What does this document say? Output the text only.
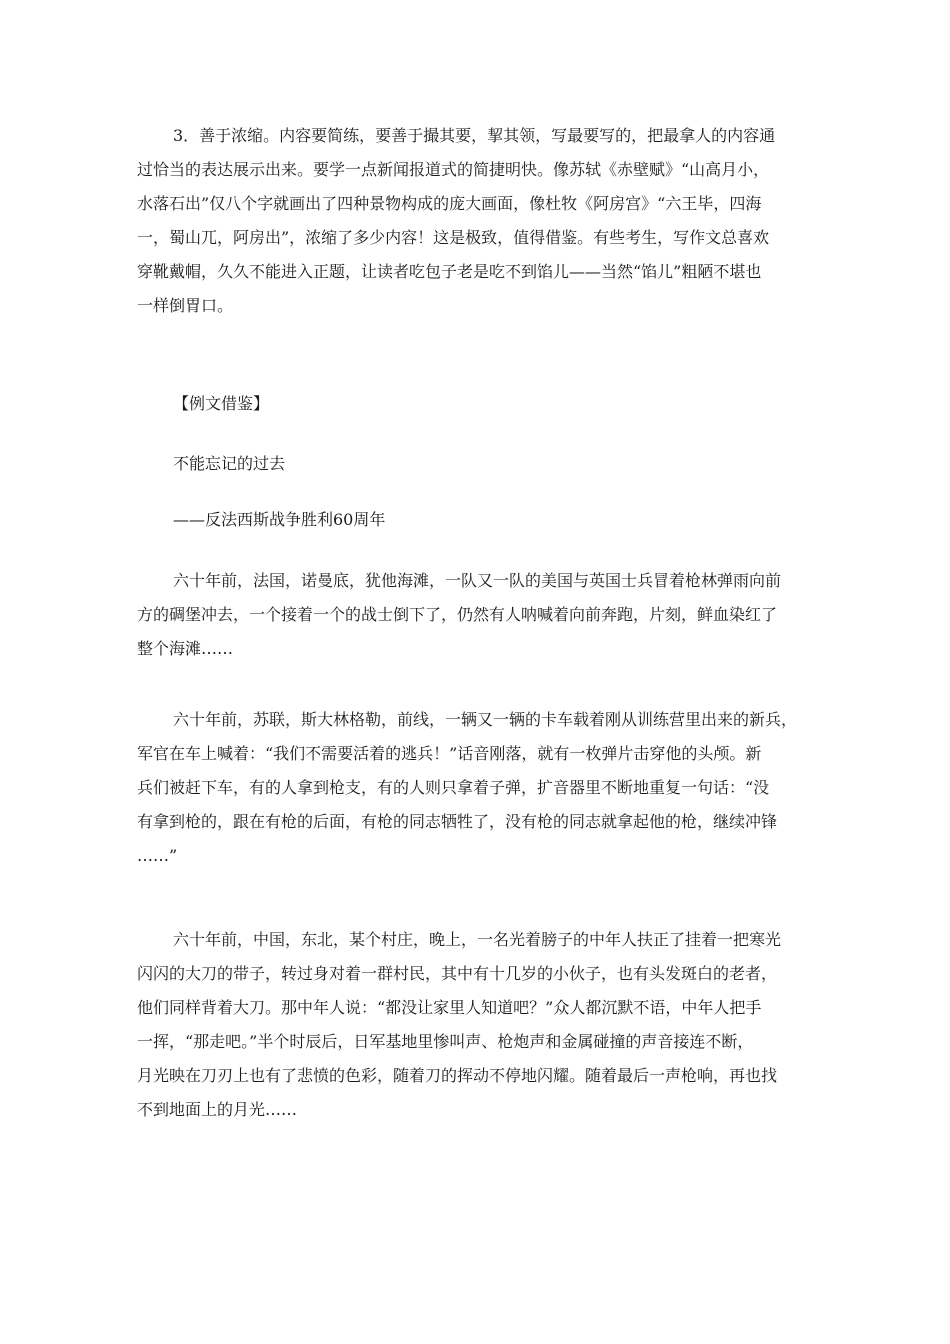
3．善于浓缩。内容要简练，要善于撮其要，挈其领，写最要写的，把最拿人的内容通
过恰当的表达展示出来。要学一点新闻报道式的简捷明快。像苏轼《赤壁赋》“山高月小，
水落石出”仅八个字就画出了四种景物构成的庞大画面，像杜牧《阿房宫》“六王毕，四海
一，蜀山兀，阿房出”，浓缩了多少内容！这是极致，值得借鉴。有些考生，写作文总喜欢
穿靴戴帽，久久不能进入正题，让读者吃包子老是吃不到馅儿——当然“馅儿”粗陋不堪也
一样倒胃口。

【例文借鉴】

不能忘记的过去

——反法西斯战争胜利60周年

六十年前，法国，诺曼底，犹他海滩，一队又一队的美国与英国士兵冒着枪林弹雨向前
方的碉堡冲去，一个接着一个的战士倒下了，仍然有人呐喊着向前奔跑，片刻，鲜血染红了
整个海滩……
六十年前，苏联，斯大林格勒，前线，一辆又一辆的卡车载着刚从训练营里出来的新兵，
军官在车上喊着：“我们不需要活着的逃兵！”话音刚落，就有一枚弹片击穿他的头颅。新
兵们被赶下车，有的人拿到枪支，有的人则只拿着子弹，扩音器里不断地重复一句话：“没
有拿到枪的，跟在有枪的后面，有枪的同志牺牲了，没有枪的同志就拿起他的枪，继续冲锋
……”
六十年前，中国，东北，某个村庄，晚上，一名光着膀子的中年人扶正了挂着一把寒光
闪闪的大刀的带子，转过身对着一群村民，其中有十几岁的小伙子，也有头发斑白的老者，
他们同样背着大刀。那中年人说：“都没让家里人知道吧？”众人都沉默不语，中年人把手
一挥，“那走吧。”半个时辰后，日军基地里惨叫声、枪炮声和金属碰撞的声音接连不断，
月光映在刀刃上也有了悲愤的色彩，随着刀的挥动不停地闪耀。随着最后一声枪响，再也找
不到地面上的月光……
